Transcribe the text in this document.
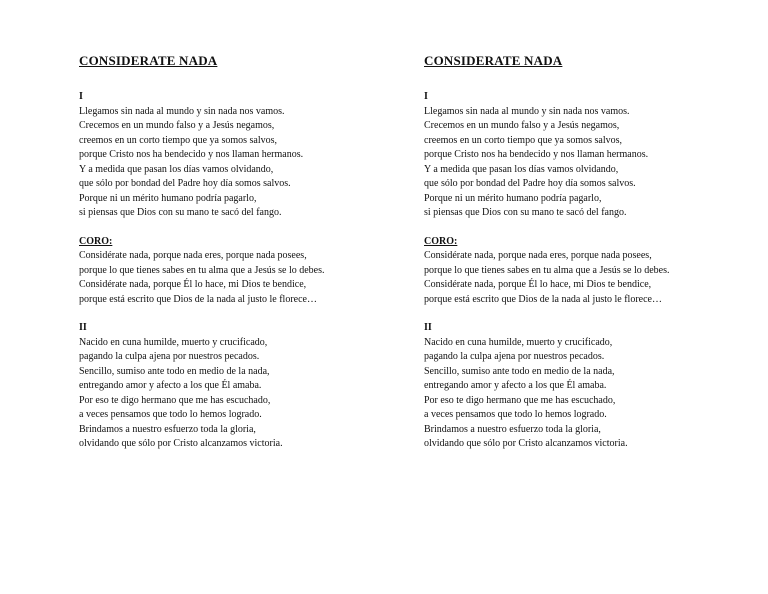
CONSIDERATE NADA
I
Llegamos sin nada al mundo y sin nada nos vamos.
Crecemos en un mundo falso y a Jesús negamos,
creemos en un corto tiempo que ya somos salvos,
porque Cristo nos ha bendecido y nos llaman hermanos.
Y a medida que pasan los días vamos olvidando,
que sólo por bondad del Padre hoy día somos salvos.
Porque ni un mérito humano podría pagarlo,
si piensas que Dios con su mano te sacó del fango.
CORO:
Considérate nada, porque nada eres, porque nada posees,
porque lo que tienes sabes en tu alma que a Jesús se lo debes.
Considérate nada, porque Él lo hace, mi Dios te bendice,
porque está escrito que Dios de la nada al justo le florece…
II
Nacido en cuna humilde, muerto y crucificado,
pagando la culpa ajena por nuestros pecados.
Sencillo, sumiso ante todo en medio de la nada,
entregando amor y afecto a los que Él amaba.
Por eso te digo hermano que me has escuchado,
a veces pensamos que todo lo hemos logrado.
Brindamos a nuestro esfuerzo toda la gloria,
olvidando que sólo por Cristo alcanzamos victoria.
CONSIDERATE NADA
I
Llegamos sin nada al mundo y sin nada nos vamos.
Crecemos en un mundo falso y a Jesús negamos,
creemos en un corto tiempo que ya somos salvos,
porque Cristo nos ha bendecido y nos llaman hermanos.
Y a medida que pasan los días vamos olvidando,
que sólo por bondad del Padre hoy día somos salvos.
Porque ni un mérito humano podría pagarlo,
si piensas que Dios con su mano te sacó del fango.
CORO:
Considérate nada, porque nada eres, porque nada posees,
porque lo que tienes sabes en tu alma que a Jesús se lo debes.
Considérate nada, porque Él lo hace, mi Dios te bendice,
porque está escrito que Dios de la nada al justo le florece…
II
Nacido en cuna humilde, muerto y crucificado,
pagando la culpa ajena por nuestros pecados.
Sencillo, sumiso ante todo en medio de la nada,
entregando amor y afecto a los que Él amaba.
Por eso te digo hermano que me has escuchado,
a veces pensamos que todo lo hemos logrado.
Brindamos a nuestro esfuerzo toda la gloria,
olvidando que sólo por Cristo alcanzamos victoria.
